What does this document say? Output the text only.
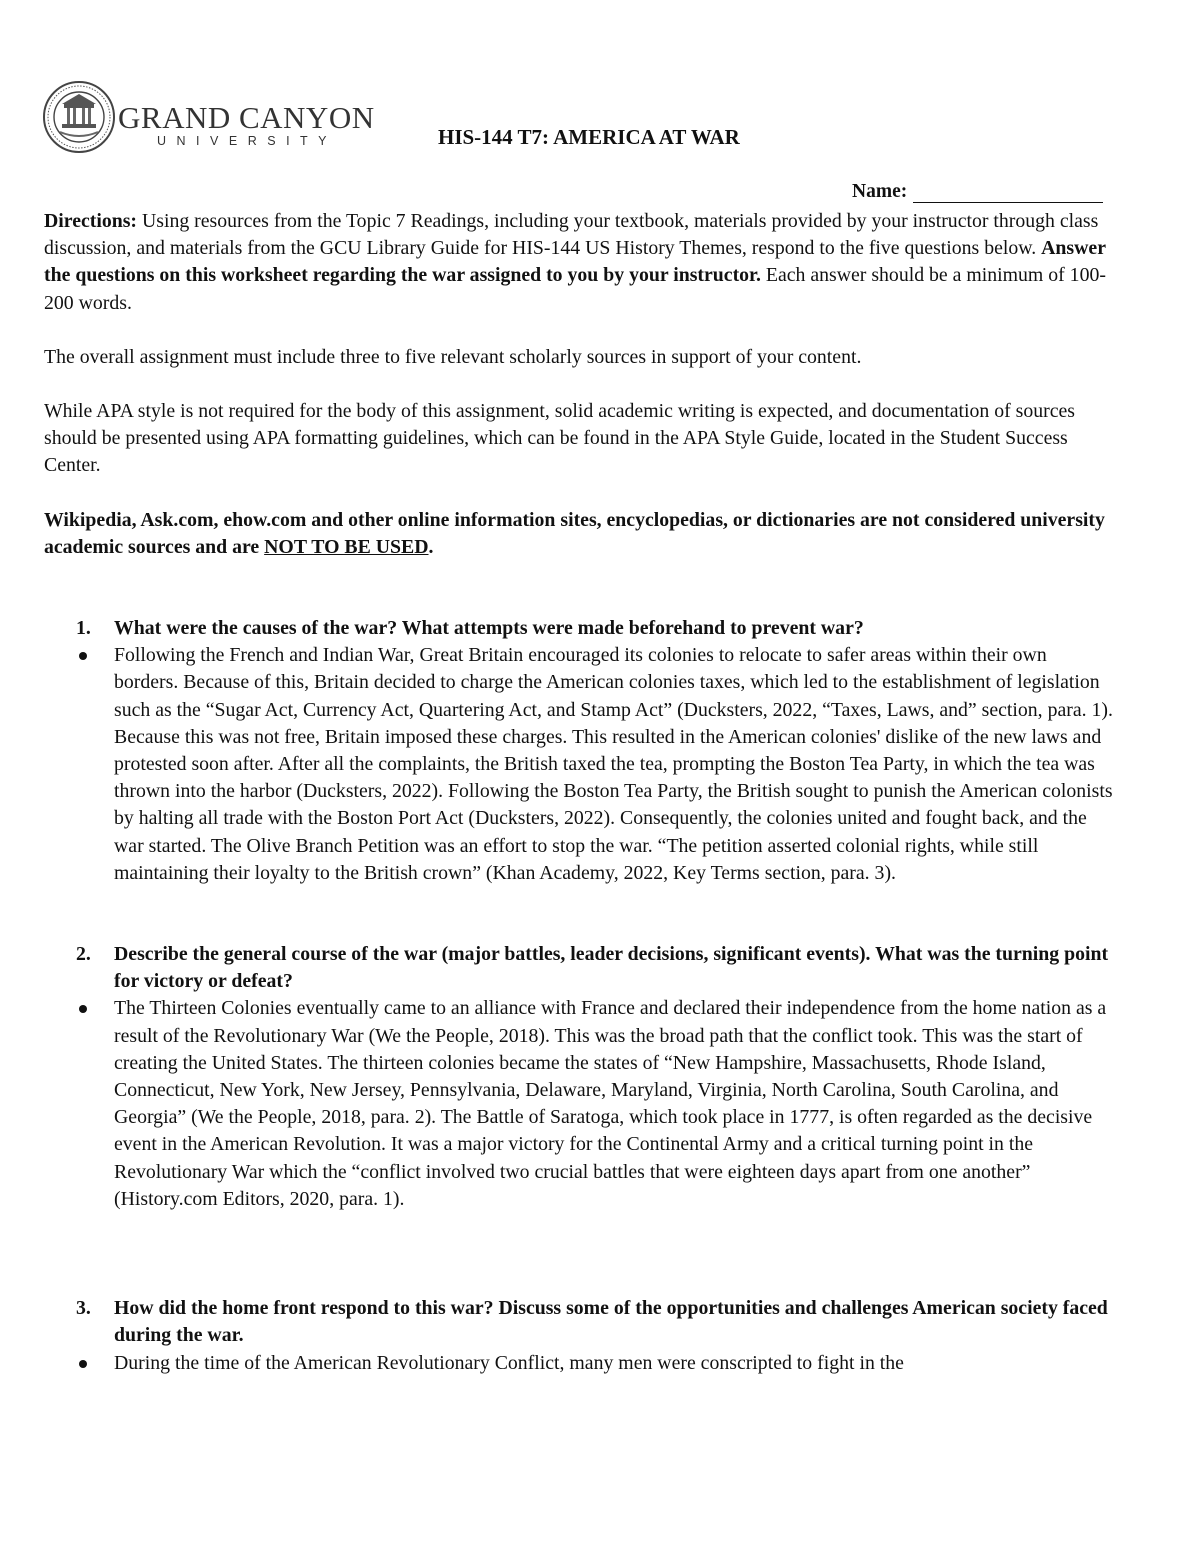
GRAND CANYON
UNIVERSITY	HIS-144 T7: AMERICA AT WAR
Name:

Directions: Using resources from the Topic 7 Readings, including your textbook, materials provided by your instructor through class discussion, and materials from the GCU Library Guide for HIS-144 US History Themes, respond to the five questions below. Answer the questions on this worksheet regarding the war assigned to you by your instructor. Each answer should be a minimum of 100-200 words.

The overall assignment must include three to five relevant scholarly sources in support of your content.

While APA style is not required for the body of this assignment, solid academic writing is expected, and documentation of sources should be presented using APA formatting guidelines, which can be found in the APA Style Guide, located in the Student Success Center.

Wikipedia, Ask.com, ehow.com and other online information sites, encyclopedias, or dictionaries are not considered university academic sources and are NOT TO BE USED.

1. What were the causes of the war? What attempts were made beforehand to prevent war?

Following the French and Indian War, Great Britain encouraged its colonies to relocate to safer areas within their own borders. Because of this, Britain decided to charge the American colonies taxes, which led to the establishment of legislation such as the “Sugar Act, Currency Act, Quartering Act, and Stamp Act” (Ducksters, 2022, “Taxes, Laws, and” section, para. 1). Because this was not free, Britain imposed these charges. This resulted in the American colonies' dislike of the new laws and protested soon after. After all the complaints, the British taxed the tea, prompting the Boston Tea Party, in which the tea was thrown into the harbor (Ducksters, 2022). Following the Boston Tea Party, the British sought to punish the American colonists by halting all trade with the Boston Port Act (Ducksters, 2022). Consequently, the colonies united and fought back, and the war started. The Olive Branch Petition was an effort to stop the war. “The petition asserted colonial rights, while still maintaining their loyalty to the British crown” (Khan Academy, 2022, Key Terms section, para. 3).

2. Describe the general course of the war (major battles, leader decisions, significant events). What was the turning point for victory or defeat?

The Thirteen Colonies eventually came to an alliance with France and declared their independence from the home nation as a result of the Revolutionary War (We the People, 2018). This was the broad path that the conflict took. This was the start of creating the United States. The thirteen colonies became the states of “New Hampshire, Massachusetts, Rhode Island, Connecticut, New York, New Jersey, Pennsylvania, Delaware, Maryland, Virginia, North Carolina, South Carolina, and Georgia” (We the People, 2018, para. 2). The Battle of Saratoga, which took place in 1777, is often regarded as the decisive event in the American Revolution. It was a major victory for the Continental Army and a critical turning point in the Revolutionary War which the “conflict involved two crucial battles that were eighteen days apart from one another” (History.com Editors, 2020, para. 1).

3. How did the home front respond to this war? Discuss some of the opportunities and challenges American society faced during the war.

During the time of the American Revolutionary Conflict, many men were conscripted to fight in the
